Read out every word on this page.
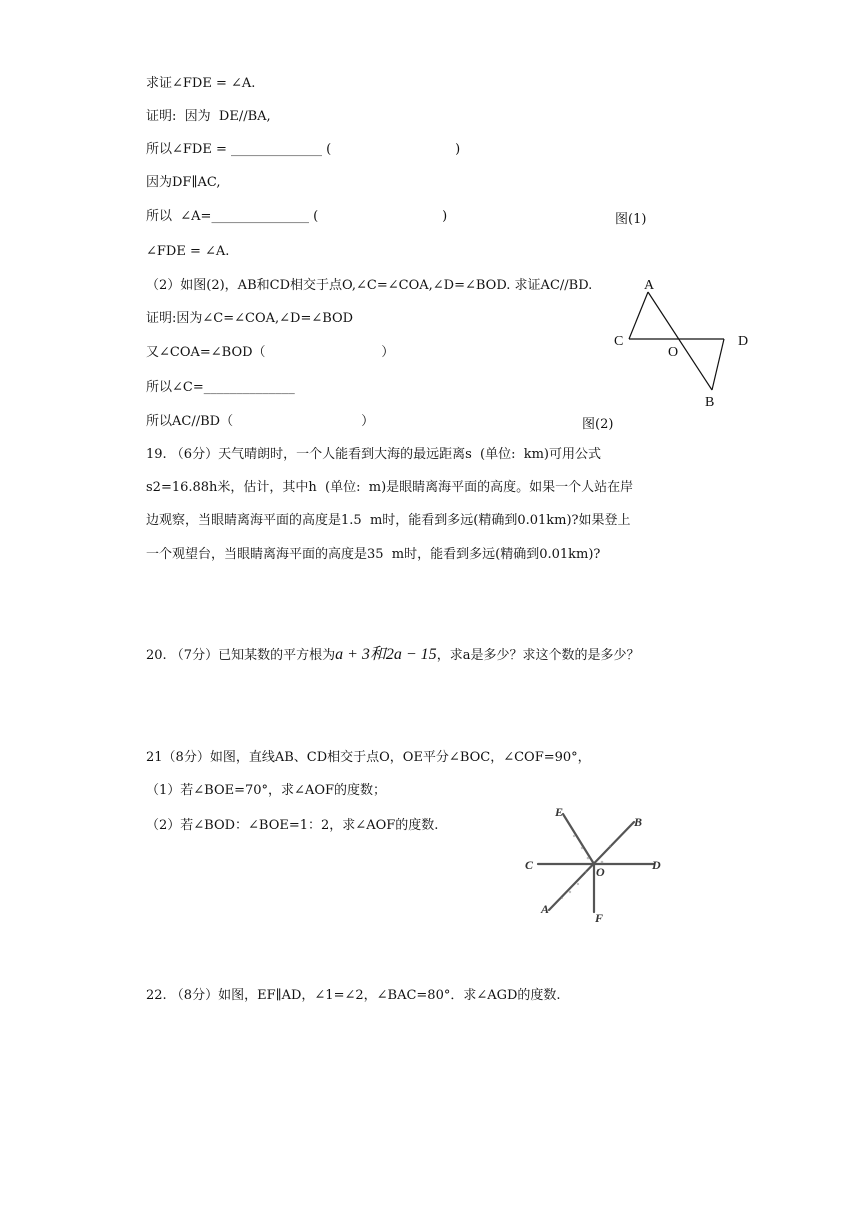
求证∠FDE = ∠A.
证明:  因为  DE//BA,
所以∠FDE = ______________ (                              )
因为DF∥AC,
所以  ∠A=_______________ (                              )	图(1)
∠FDE = ∠A.
（2）如图(2)，AB和CD相交于点O,∠C=∠COA,∠D=∠BOD. 求证AC//BD.
证明:因为∠C=∠COA,∠D=∠BOD
又∠COA=∠BOD（                            ）
所以∠C=______________
所以AC//BD（                               ）	图(2)
A
C
O
D
B
19. （6分）天气晴朗时，一个人能看到大海的最远距离s  (单位:  km)可用公式
s2=16.88h米，估计，其中h  (单位:  m)是眼睛离海平面的高度。如果一个人站在岸
边观察，当眼睛离海平面的高度是1.5  m时，能看到多远(精确到0.01km)?如果登上
一个观望台，当眼睛离海平面的高度是35  m时，能看到多远(精确到0.01km)?
20. （7分）已知某数的平方根为a + 3和2a − 15，求a是多少？求这个数的是多少？
21（8分）如图，直线AB、CD相交于点O，OE平分∠BOC，∠COF=90°，
（1）若∠BOE=70°，求∠AOF的度数；
（2）若∠BOD：∠BOE=1：2，求∠AOF的度数.
E
B
C	O	D
A
F
22. （8分）如图，EF∥AD，∠1=∠2，∠BAC=80°．求∠AGD的度数.
